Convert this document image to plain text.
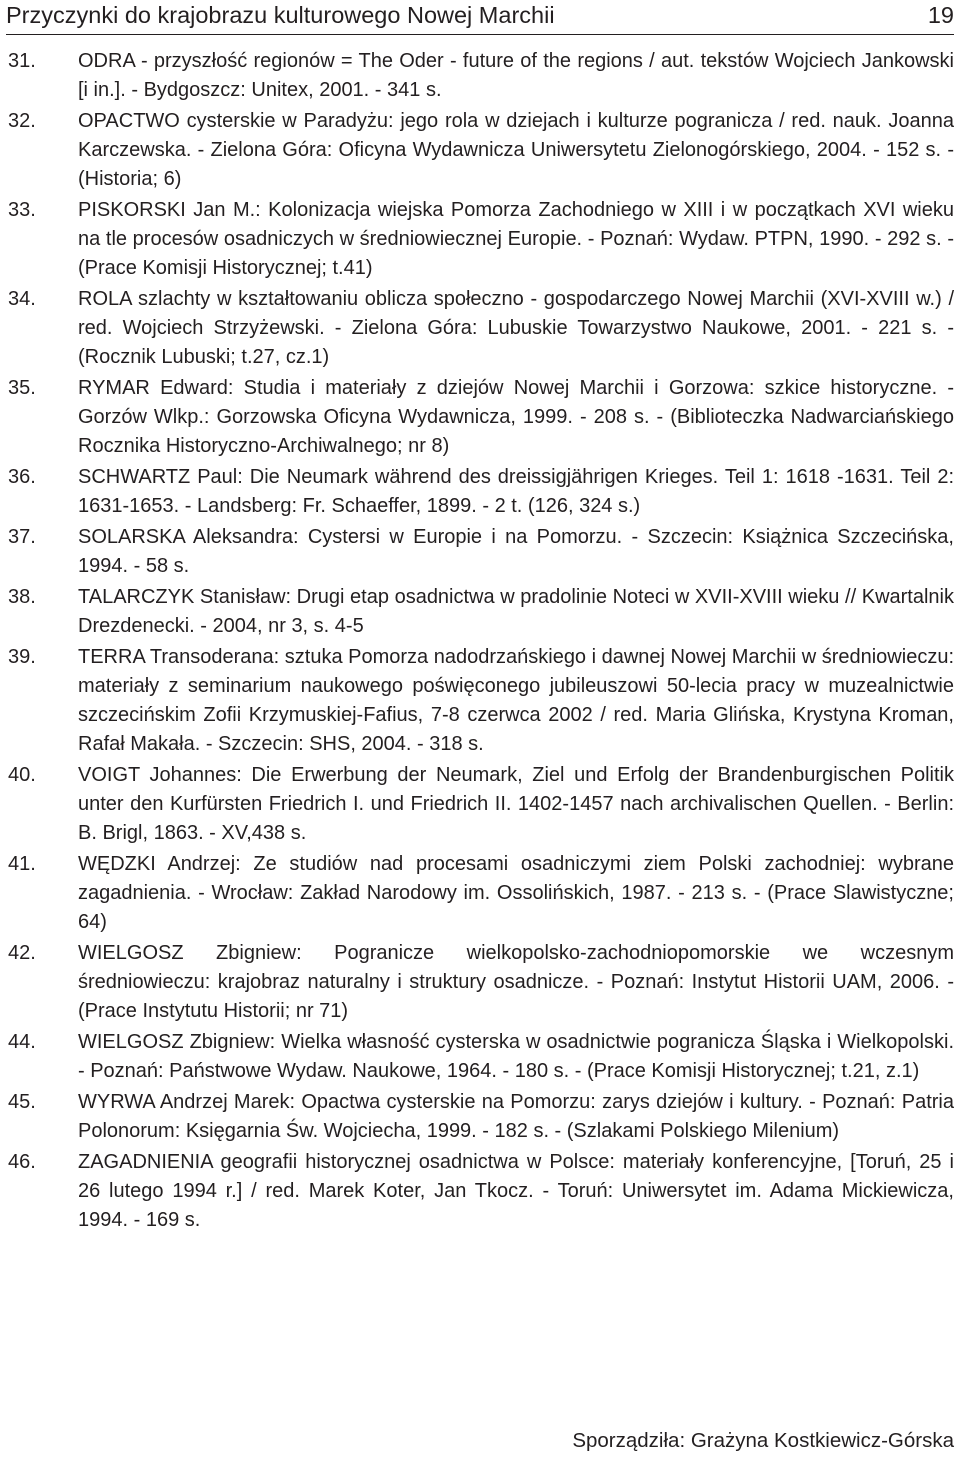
Przyczynki do krajobrazu kulturowego Nowej Marchii	19
31. ODRA - przyszłość regionów = The Oder - future of the regions / aut. tekstów Wojciech Jankowski [i in.]. - Bydgoszcz: Unitex, 2001. - 341 s.
32. OPACTWO cysterskie w Paradyżu: jego rola w dziejach i kulturze pogranicza / red. nauk. Joanna Karczewska. - Zielona Góra: Oficyna Wydawnicza Uniwersytetu Zielonogórskiego, 2004. - 152 s. - (Historia; 6)
33. PISKORSKI Jan M.: Kolonizacja wiejska Pomorza Zachodniego w XIII i w początkach XVI wieku na tle procesów osadniczych w średniowiecznej Europie. - Poznań: Wydaw. PTPN, 1990. - 292 s. - (Prace Komisji Historycznej; t.41)
34. ROLA szlachty w kształtowaniu oblicza społeczno - gospodarczego Nowej Marchii (XVI-XVIII w.) / red. Wojciech Strzyżewski. - Zielona Góra: Lubuskie Towarzystwo Naukowe, 2001. - 221 s. - (Rocznik Lubuski; t.27, cz.1)
35. RYMAR Edward: Studia i materiały z dziejów Nowej Marchii i Gorzowa: szkice historyczne. - Gorzów Wlkp.: Gorzowska Oficyna Wydawnicza, 1999. - 208 s. - (Biblioteczka Nadwarciańskiego Rocznika Historyczno-Archiwalnego; nr 8)
36. SCHWARTZ Paul: Die Neumark während des dreissigjährigen Krieges. Teil 1: 1618 -1631. Teil 2: 1631-1653. - Landsberg: Fr. Schaeffer, 1899. - 2 t. (126, 324 s.)
37. SOLARSKA Aleksandra: Cystersi w Europie i na Pomorzu. - Szczecin: Książnica Szczecińska, 1994. - 58 s.
38. TALARCZYK Stanisław: Drugi etap osadnictwa w pradolinie Noteci w XVII-XVIII wieku // Kwartalnik Drezdenecki. - 2004, nr 3, s. 4-5
39. TERRA Transoderana: sztuka Pomorza nadodrzańskiego i dawnej Nowej Marchii w średniowieczu: materiały z seminarium naukowego poświęconego jubileuszowi 50-lecia pracy w muzealnictwie szczecińskim Zofii Krzymuskiej-Fafius, 7-8 czerwca 2002 / red. Maria Glińska, Krystyna Kroman, Rafał Makała. - Szczecin: SHS, 2004. - 318 s.
40. VOIGT Johannes: Die Erwerbung der Neumark, Ziel und Erfolg der Brandenburgischen Politik unter den Kurfürsten Friedrich I. und Friedrich II. 1402-1457 nach archivalischen Quellen. - Berlin: B. Brigl, 1863. - XV,438 s.
41. WĘDZKI Andrzej: Ze studiów nad procesami osadniczymi ziem Polski zachodniej: wybrane zagadnienia. - Wrocław: Zakład Narodowy im. Ossolińskich, 1987. - 213 s. - (Prace Slawistyczne; 64)
42. WIELGOSZ Zbigniew: Pogranicze wielkopolsko-zachodniopomorskie we wczesnym średniowieczu: krajobraz naturalny i struktury osadnicze. - Poznań: Instytut Historii UAM, 2006. - (Prace Instytutu Historii; nr 71)
44. WIELGOSZ Zbigniew: Wielka własność cysterska w osadnictwie pogranicza Śląska i Wielkopolski. - Poznań: Państwowe Wydaw. Naukowe, 1964. - 180 s. - (Prace Komisji Historycznej; t.21, z.1)
45. WYRWA Andrzej Marek: Opactwa cysterskie na Pomorzu: zarys dziejów i kultury. - Poznań: Patria Polonorum: Księgarnia Św. Wojciecha, 1999. - 182 s. - (Szlakami Polskiego Milenium)
46. ZAGADNIENIA geografii historycznej osadnictwa w Polsce: materiały konferencyjne, [Toruń, 25 i 26 lutego 1994 r.] / red. Marek Koter, Jan Tkocz. - Toruń: Uniwersytet im. Adama Mickiewicza, 1994. - 169 s.
Sporządziła: Grażyna Kostkiewicz-Górska
